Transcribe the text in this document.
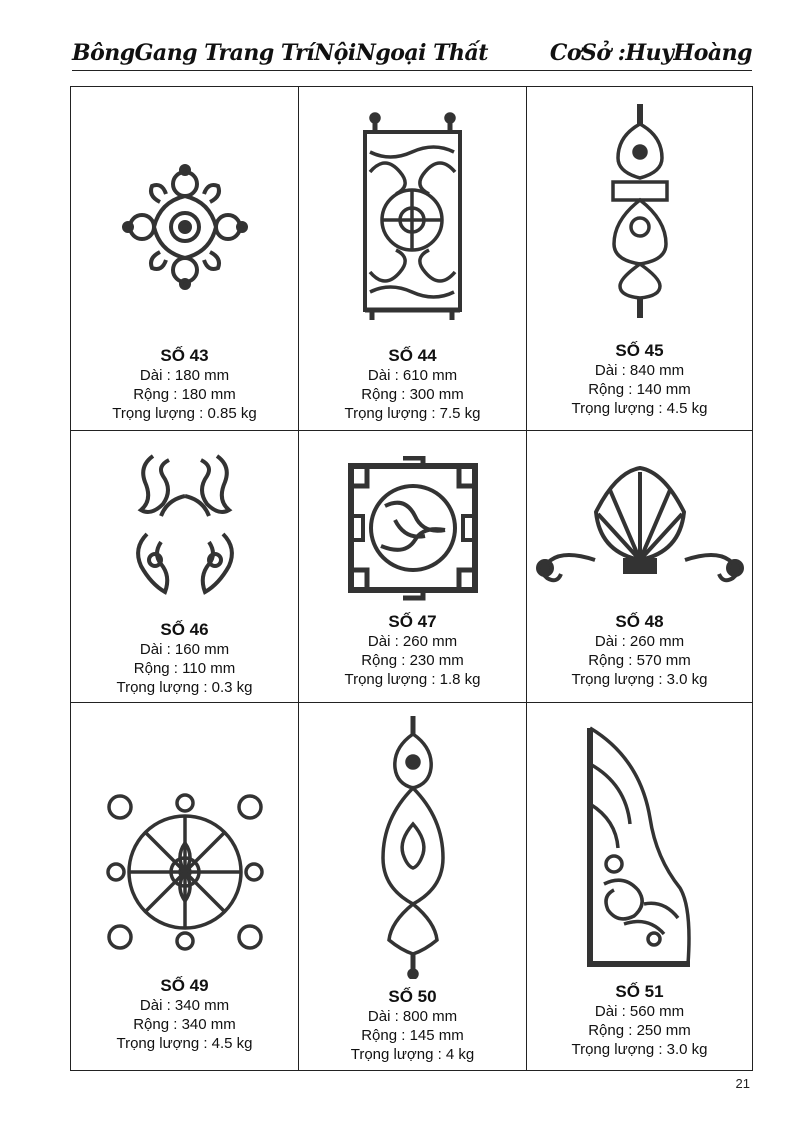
BôngGang Trang TríNộiNgoại Thất	CơSở :HuyHoàng
SỐ 43
Dài : 180 mm
Rộng : 180 mm
Trọng lượng : 0.85 kg
SỐ 44
Dài : 610 mm
Rộng : 300 mm
Trọng lượng : 7.5 kg
SỐ 45
Dài : 840 mm
Rộng : 140 mm
Trọng lượng : 4.5 kg
SỐ 46
Dài : 160 mm
Rộng : 110 mm
Trọng lượng : 0.3 kg
SỐ 47
Dài : 260 mm
Rộng : 230 mm
Trọng lượng : 1.8 kg
SỐ 48
Dài : 260 mm
Rộng : 570 mm
Trọng lượng : 3.0 kg
SỐ 49
Dài : 340 mm
Rộng : 340 mm
Trọng lượng : 4.5 kg
SỐ 50
Dài : 800 mm
Rộng : 145 mm
Trọng lượng : 4 kg
SỐ 51
Dài : 560 mm
Rộng : 250 mm
Trọng lượng : 3.0 kg
21
